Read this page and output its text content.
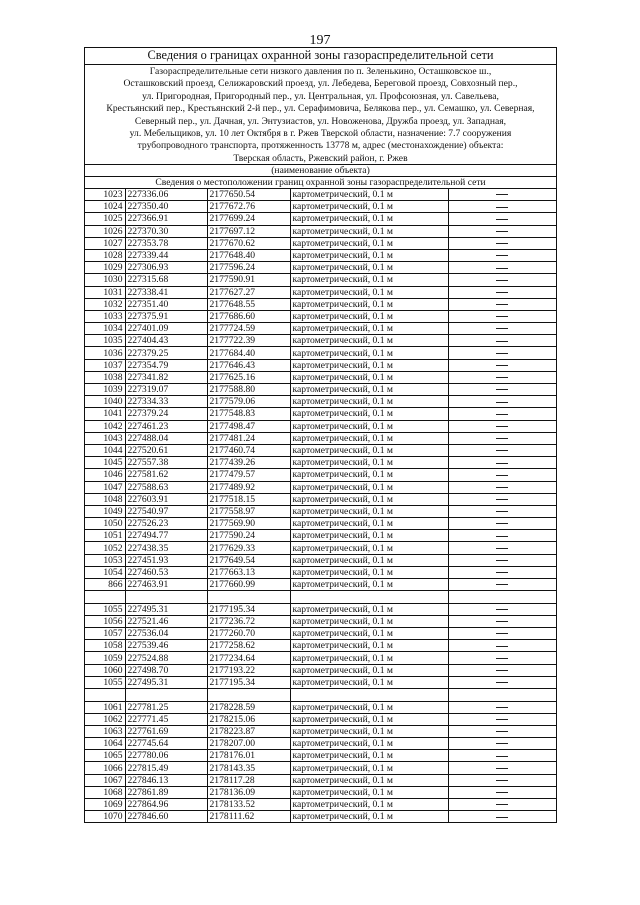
197
Сведения о границах охранной зоны газораспределительной сети
Газораспределительные сети низкого давления по п. Зеленькино, Осташковское ш.,
Осташковский проезд, Селижаровский проезд, ул. Лебедева, Береговой проезд, Совхозный пер.,
ул. Пригородная, Пригородный пер., ул. Центральная, ул. Профсоюзная, ул. Савельева,
Крестьянский пер., Крестьянский 2-й пер., ул. Серафимовича, Белякова пер., ул. Семашко, ул. Северная,
Северный пер., ул. Дачная, ул. Энтузиастов, ул. Новоженова, Дружба проезд, ул. Западная,
ул. Мебельщиков, ул. 10 лет Октября в г. Ржев Тверской области, назначение: 7.7 сооружения
трубопроводного транспорта, протяженность 13778 м, адрес (местонахождение) объекта:
Тверская область, Ржевский район, г. Ржев
(наименование объекта)
Сведения о местоположении границ охранной зоны газораспределительной сети
1023	227336.06	2177650.54	картометрический, 0.1 м	
1024	227350.40	2177672.76	картометрический, 0.1 м	
1025	227366.91	2177699.24	картометрический, 0.1 м	
1026	227370.30	2177697.12	картометрический, 0.1 м	
1027	227353.78	2177670.62	картометрический, 0.1 м	
1028	227339.44	2177648.40	картометрический, 0.1 м	
1029	227306.93	2177596.24	картометрический, 0.1 м	
1030	227315.68	2177590.91	картометрический, 0.1 м	
1031	227338.41	2177627.27	картометрический, 0.1 м	
1032	227351.40	2177648.55	картометрический, 0.1 м	
1033	227375.91	2177686.60	картометрический, 0.1 м	
1034	227401.09	2177724.59	картометрический, 0.1 м	
1035	227404.43	2177722.39	картометрический, 0.1 м	
1036	227379.25	2177684.40	картометрический, 0.1 м	
1037	227354.79	2177646.43	картометрический, 0.1 м	
1038	227341.82	2177625.16	картометрический, 0.1 м	
1039	227319.07	2177588.80	картометрический, 0.1 м	
1040	227334.33	2177579.06	картометрический, 0.1 м	
1041	227379.24	2177548.83	картометрический, 0.1 м	
1042	227461.23	2177498.47	картометрический, 0.1 м	
1043	227488.04	2177481.24	картометрический, 0.1 м	
1044	227520.61	2177460.74	картометрический, 0.1 м	
1045	227557.38	2177439.26	картометрический, 0.1 м	
1046	227581.62	2177479.57	картометрический, 0.1 м	
1047	227588.63	2177489.92	картометрический, 0.1 м	
1048	227603.91	2177518.15	картометрический, 0.1 м	
1049	227540.97	2177558.97	картометрический, 0.1 м	
1050	227526.23	2177569.90	картометрический, 0.1 м	
1051	227494.77	2177590.24	картометрический, 0.1 м	
1052	227438.35	2177629.33	картометрический, 0.1 м	
1053	227451.93	2177649.54	картометрический, 0.1 м	
1054	227460.53	2177663.13	картометрический, 0.1 м	
866	227463.91	2177660.99	картометрический, 0.1 м	

1055	227495.31	2177195.34	картометрический, 0.1 м	
1056	227521.46	2177236.72	картометрический, 0.1 м	
1057	227536.04	2177260.70	картометрический, 0.1 м	
1058	227539.46	2177258.62	картометрический, 0.1 м	
1059	227524.88	2177234.64	картометрический, 0.1 м	
1060	227498.70	2177193.22	картометрический, 0.1 м	
1055	227495.31	2177195.34	картометрический, 0.1 м	

1061	227781.25	2178228.59	картометрический, 0.1 м	
1062	227771.45	2178215.06	картометрический, 0.1 м	
1063	227761.69	2178223.87	картометрический, 0.1 м	
1064	227745.64	2178207.00	картометрический, 0.1 м	
1065	227780.06	2178176.01	картометрический, 0.1 м	
1066	227815.49	2178143.35	картометрический, 0.1 м	
1067	227846.13	2178117.28	картометрический, 0.1 м	
1068	227861.89	2178136.09	картометрический, 0.1 м	
1069	227864.96	2178133.52	картометрический, 0.1 м	
1070	227846.60	2178111.62	картометрический, 0.1 м	
